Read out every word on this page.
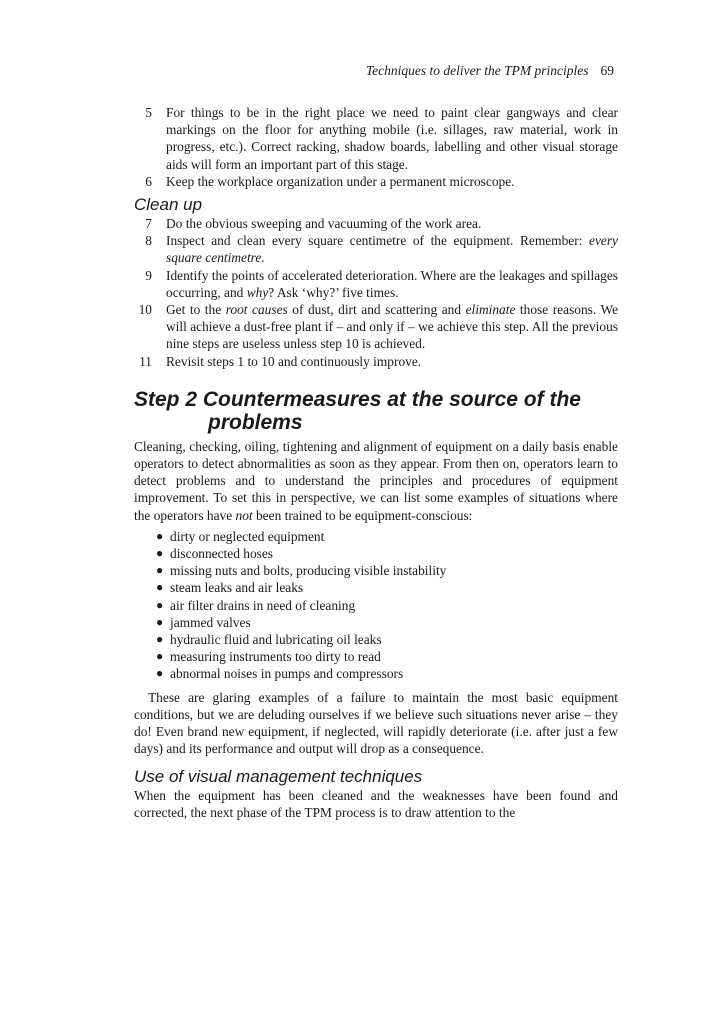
Techniques to deliver the TPM principles 69
5 For things to be in the right place we need to paint clear gangways and clear markings on the floor for anything mobile (i.e. sillages, raw material, work in progress, etc.). Correct racking, shadow boards, labelling and other visual storage aids will form an important part of this stage.
6 Keep the workplace organization under a permanent microscope.
Clean up
7 Do the obvious sweeping and vacuuming of the work area.
8 Inspect and clean every square centimetre of the equipment. Remember: every square centimetre.
9 Identify the points of accelerated deterioration. Where are the leakages and spillages occurring, and why? Ask ‘why?’ five times.
10 Get to the root causes of dust, dirt and scattering and eliminate those reasons. We will achieve a dust-free plant if – and only if – we achieve this step. All the previous nine steps are useless unless step 10 is achieved.
11 Revisit steps 1 to 10 and continuously improve.
Step 2 Countermeasures at the source of the
problems

Cleaning, checking, oiling, tightening and alignment of equipment on a daily basis enable operators to detect abnormalities as soon as they appear. From then on, operators learn to detect problems and to understand the principles and procedures of equipment improvement. To set this in perspective, we can list some examples of situations where the operators have not been trained to be equipment-conscious:

● dirty or neglected equipment
● disconnected hoses
● missing nuts and bolts, producing visible instability
● steam leaks and air leaks
● air filter drains in need of cleaning
● jammed valves
● hydraulic fluid and lubricating oil leaks
● measuring instruments too dirty to read
● abnormal noises in pumps and compressors

These are glaring examples of a failure to maintain the most basic equipment conditions, but we are deluding ourselves if we believe such situations never arise – they do! Even brand new equipment, if neglected, will rapidly deteriorate (i.e. after just a few days) and its performance and output will drop as a consequence.

Use of visual management techniques

When the equipment has been cleaned and the weaknesses have been found and corrected, the next phase of the TPM process is to draw attention to the
